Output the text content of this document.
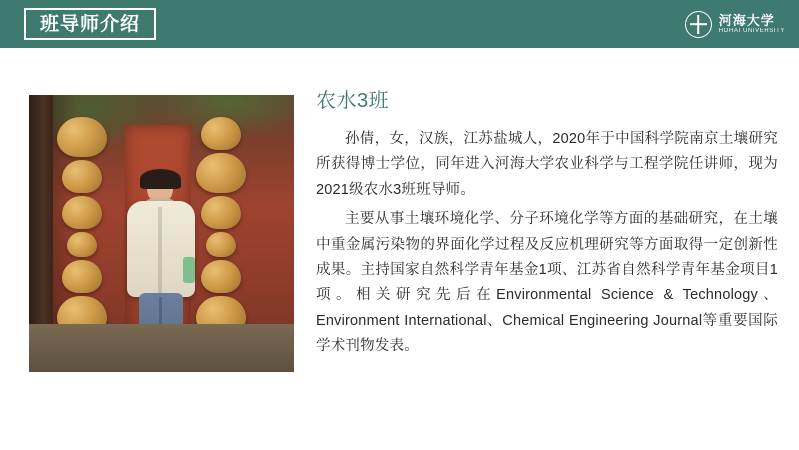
班导师介绍	河海大学
HOHAI UNIVERSITY
农水3班

孙倩，女，汉族，江苏盐城人，2020年于中国科学院南京土壤研究所获得博士学位，同年进入河海大学农业科学与工程学院任讲师，现为2021级农水3班班导师。

主要从事土壤环境化学、分子环境化学等方面的基础研究，在土壤中重金属污染物的界面化学过程及反应机理研究等方面取得一定创新性成果。主持国家自然科学青年基金1项、江苏省自然科学青年基金项目1项。相关研究先后在Environmental Science & Technology、Environment International、Chemical Engineering Journal等重要国际学术刊物发表。
